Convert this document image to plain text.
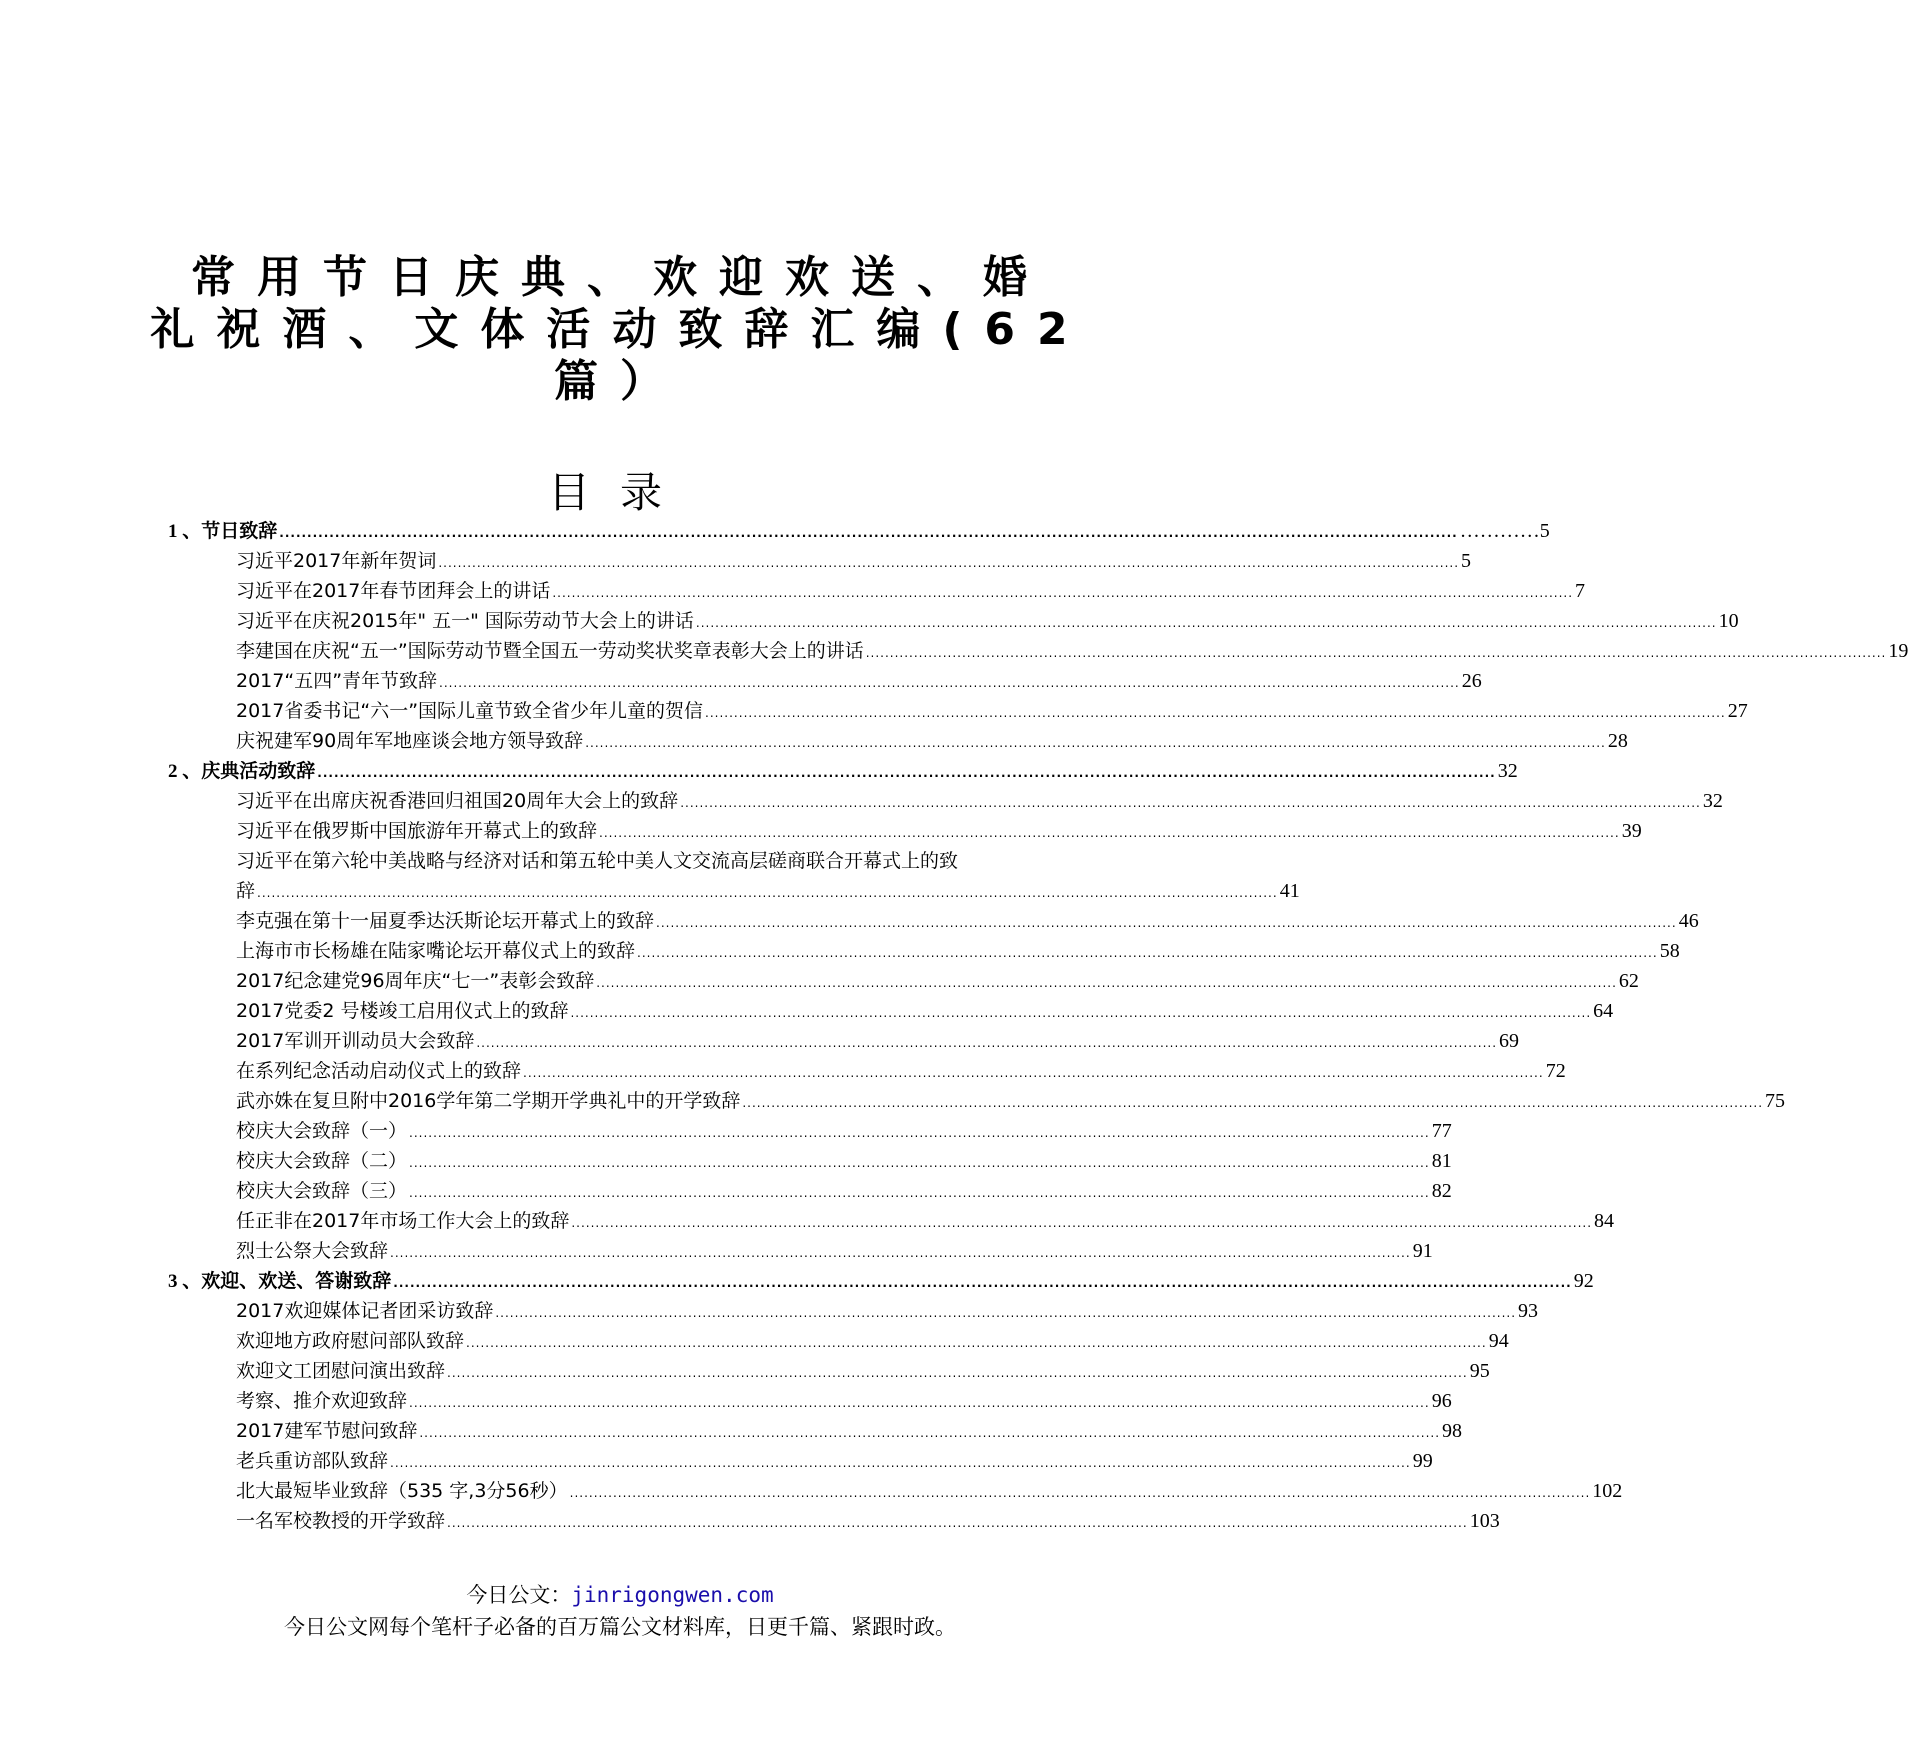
常用节日庆典、欢迎欢送、婚
礼祝酒、文体活动致辞汇编(62
篇）
目录
1 、节日致辞 .................................................................................................................................................................................................................... …………5
习近平2017年新年贺词 .................................................................................................................................................................................................................... 5
习近平在2017年春节团拜会上的讲话 .................................................................................................................................................................................................................... 7
习近平在庆祝2015年" 五一" 国际劳动节大会上的讲话 .................................................................................................................................................................................................................... 10
李建国在庆祝“五一”国际劳动节暨全国五一劳动奖状奖章表彰大会上的讲话 .................................................................................................................................................................................................................... 19
2017“五四”青年节致辞 .................................................................................................................................................................................................................... 26
2017省委书记“六一”国际儿童节致全省少年儿童的贺信 .................................................................................................................................................................................................................... 27
庆祝建军90周年军地座谈会地方领导致辞 .................................................................................................................................................................................................................... 28
2 、庆典活动致辞 .................................................................................................................................................................................................................... 32
习近平在出席庆祝香港回归祖国20周年大会上的致辞 .................................................................................................................................................................................................................... 32
习近平在俄罗斯中国旅游年开幕式上的致辞 .................................................................................................................................................................................................................... 39
习近平在第六轮中美战略与经济对话和第五轮中美人文交流高层磋商联合开幕式上的致
辞 .................................................................................................................................................................................................................... 41
李克强在第十一届夏季达沃斯论坛开幕式上的致辞 .................................................................................................................................................................................................................... 46
上海市市长杨雄在陆家嘴论坛开幕仪式上的致辞 .................................................................................................................................................................................................................... 58
2017纪念建党96周年庆“七一”表彰会致辞 .................................................................................................................................................................................................................... 62
2017党委2 号楼竣工启用仪式上的致辞 .................................................................................................................................................................................................................... 64
2017军训开训动员大会致辞 .................................................................................................................................................................................................................... 69
在系列纪念活动启动仪式上的致辞 .................................................................................................................................................................................................................... 72
武亦姝在复旦附中2016学年第二学期开学典礼中的开学致辞 .................................................................................................................................................................................................................... 75
校庆大会致辞（一） .................................................................................................................................................................................................................... 77
校庆大会致辞（二） .................................................................................................................................................................................................................... 81
校庆大会致辞（三） .................................................................................................................................................................................................................... 82
任正非在2017年市场工作大会上的致辞 .................................................................................................................................................................................................................... 84
烈士公祭大会致辞 .................................................................................................................................................................................................................... 91
3 、欢迎、欢送、答谢致辞 .................................................................................................................................................................................................................... 92
2017欢迎媒体记者团采访致辞 .................................................................................................................................................................................................................... 93
欢迎地方政府慰问部队致辞 .................................................................................................................................................................................................................... 94
欢迎文工团慰问演出致辞 .................................................................................................................................................................................................................... 95
考察、推介欢迎致辞 .................................................................................................................................................................................................................... 96
2017建军节慰问致辞 .................................................................................................................................................................................................................... 98
老兵重访部队致辞 .................................................................................................................................................................................................................... 99
北大最短毕业致辞（535 字,3分56秒） .................................................................................................................................................................................................................... 102
一名军校教授的开学致辞 .................................................................................................................................................................................................................... 103
今日公文：jinrigongwen.com
今日公文网每个笔杆子必备的百万篇公文材料库，日更千篇、紧跟时政。
